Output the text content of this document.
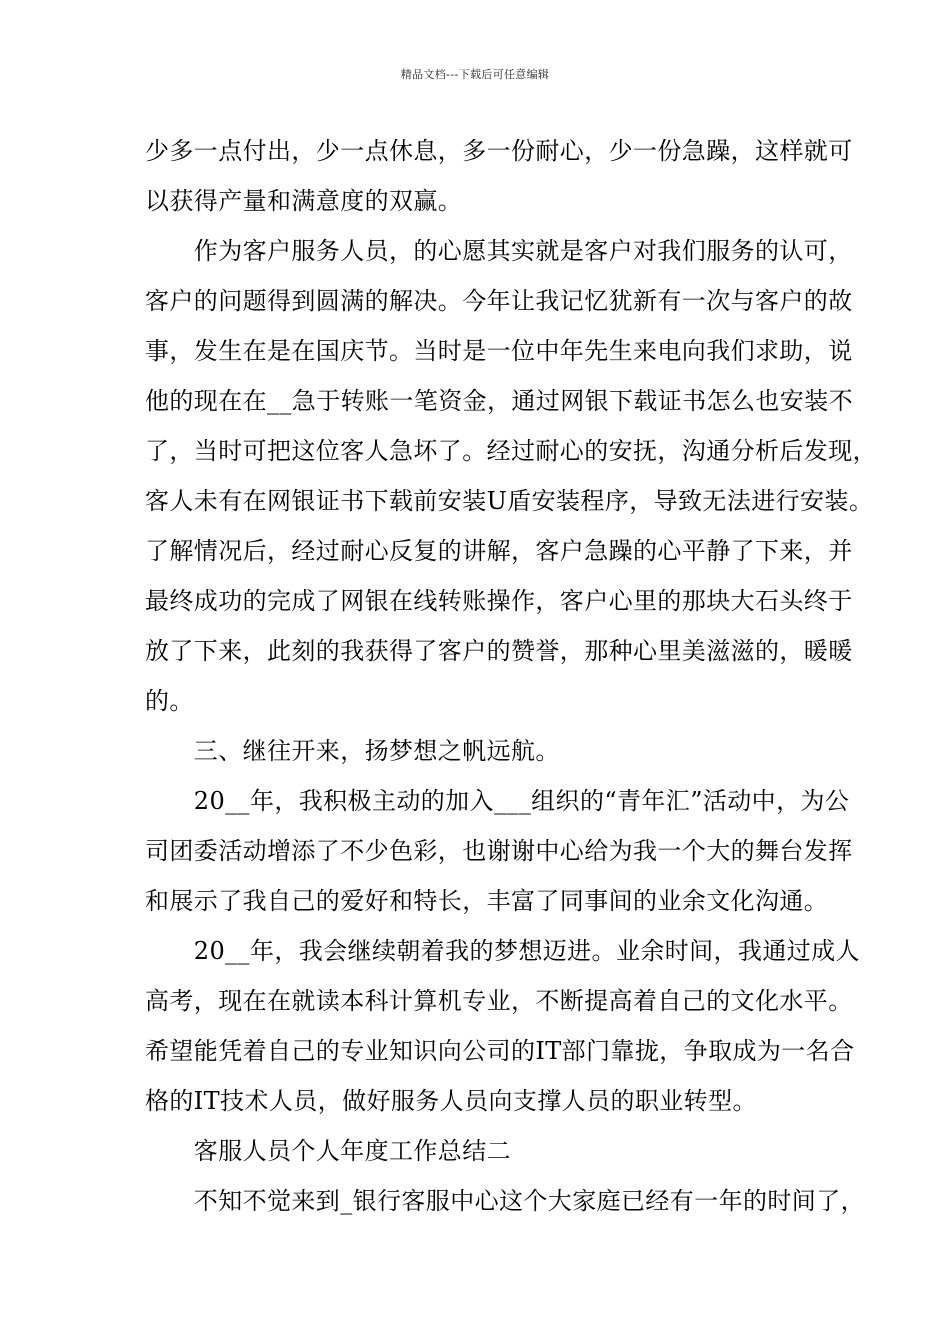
精品文档---下载后可任意编辑
少多一点付出，少一点休息，多一份耐心，少一份急躁，这样就可
以获得产量和满意度的双赢。
　　作为客户服务人员，的心愿其实就是客户对我们服务的认可，
客户的问题得到圆满的解决。今年让我记忆犹新有一次与客户的故
事，发生在是在国庆节。当时是一位中年先生来电向我们求助，说
他的现在在__急于转账一笔资金，通过网银下载证书怎么也安装不
了，当时可把这位客人急坏了。经过耐心的安抚，沟通分析后发现，
客人未有在网银证书下载前安装U盾安装程序，导致无法进行安装。
了解情况后，经过耐心反复的讲解，客户急躁的心平静了下来，并
最终成功的完成了网银在线转账操作，客户心里的那块大石头终于
放了下来，此刻的我获得了客户的赞誉，那种心里美滋滋的，暖暖
的。
　　三、继往开来，扬梦想之帆远航。
　　20__年，我积极主动的加入___组织的“青年汇”活动中，为公
司团委活动增添了不少色彩，也谢谢中心给为我一个大的舞台发挥
和展示了我自己的爱好和特长，丰富了同事间的业余文化沟通。
　　20__年，我会继续朝着我的梦想迈进。业余时间，我通过成人
高考，现在在就读本科计算机专业，不断提高着自己的文化水平。
希望能凭着自己的专业知识向公司的IT部门靠拢，争取成为一名合
格的IT技术人员，做好服务人员向支撑人员的职业转型。
　　客服人员个人年度工作总结二
　　不知不觉来到_银行客服中心这个大家庭已经有一年的时间了，
